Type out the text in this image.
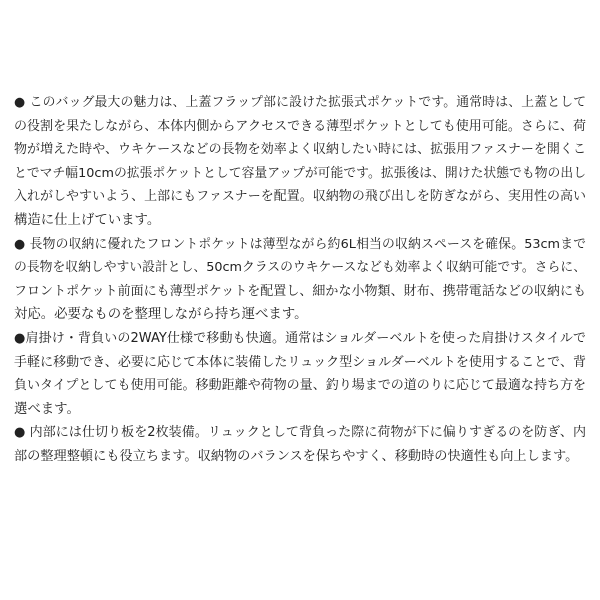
● このバッグ最大の魅力は、上蓋フラップ部に設けた拡張式ポケットです。通常時は、上蓋として
の役割を果たしながら、本体内側からアクセスできる薄型ポケットとしても使用可能。さらに、荷
物が増えた時や、ウキケースなどの長物を効率よく収納したい時には、拡張用ファスナーを開くこ
とでマチ幅10cmの拡張ポケットとして容量アップが可能です。拡張後は、開けた状態でも物の出し
入れがしやすいよう、上部にもファスナーを配置。収納物の飛び出しを防ぎながら、実用性の高い
構造に仕上げています。
● 長物の収納に優れたフロントポケットは薄型ながら約6L相当の収納スペースを確保。53cmまで
の長物を収納しやすい設計とし、50cmクラスのウキケースなども効率よく収納可能です。さらに、
フロントポケット前面にも薄型ポケットを配置し、細かな小物類、財布、携帯電話などの収納にも
対応。必要なものを整理しながら持ち運べます。
●肩掛け・背負いの2WAY仕様で移動も快適。通常はショルダーベルトを使った肩掛けスタイルで
手軽に移動でき、必要に応じて本体に装備したリュック型ショルダーベルトを使用することで、背
負いタイプとしても使用可能。移動距離や荷物の量、釣り場までの道のりに応じて最適な持ち方を
選べます。
● 内部には仕切り板を2枚装備。リュックとして背負った際に荷物が下に偏りすぎるのを防ぎ、内
部の整理整頓にも役立ちます。収納物のバランスを保ちやすく、移動時の快適性も向上します。
